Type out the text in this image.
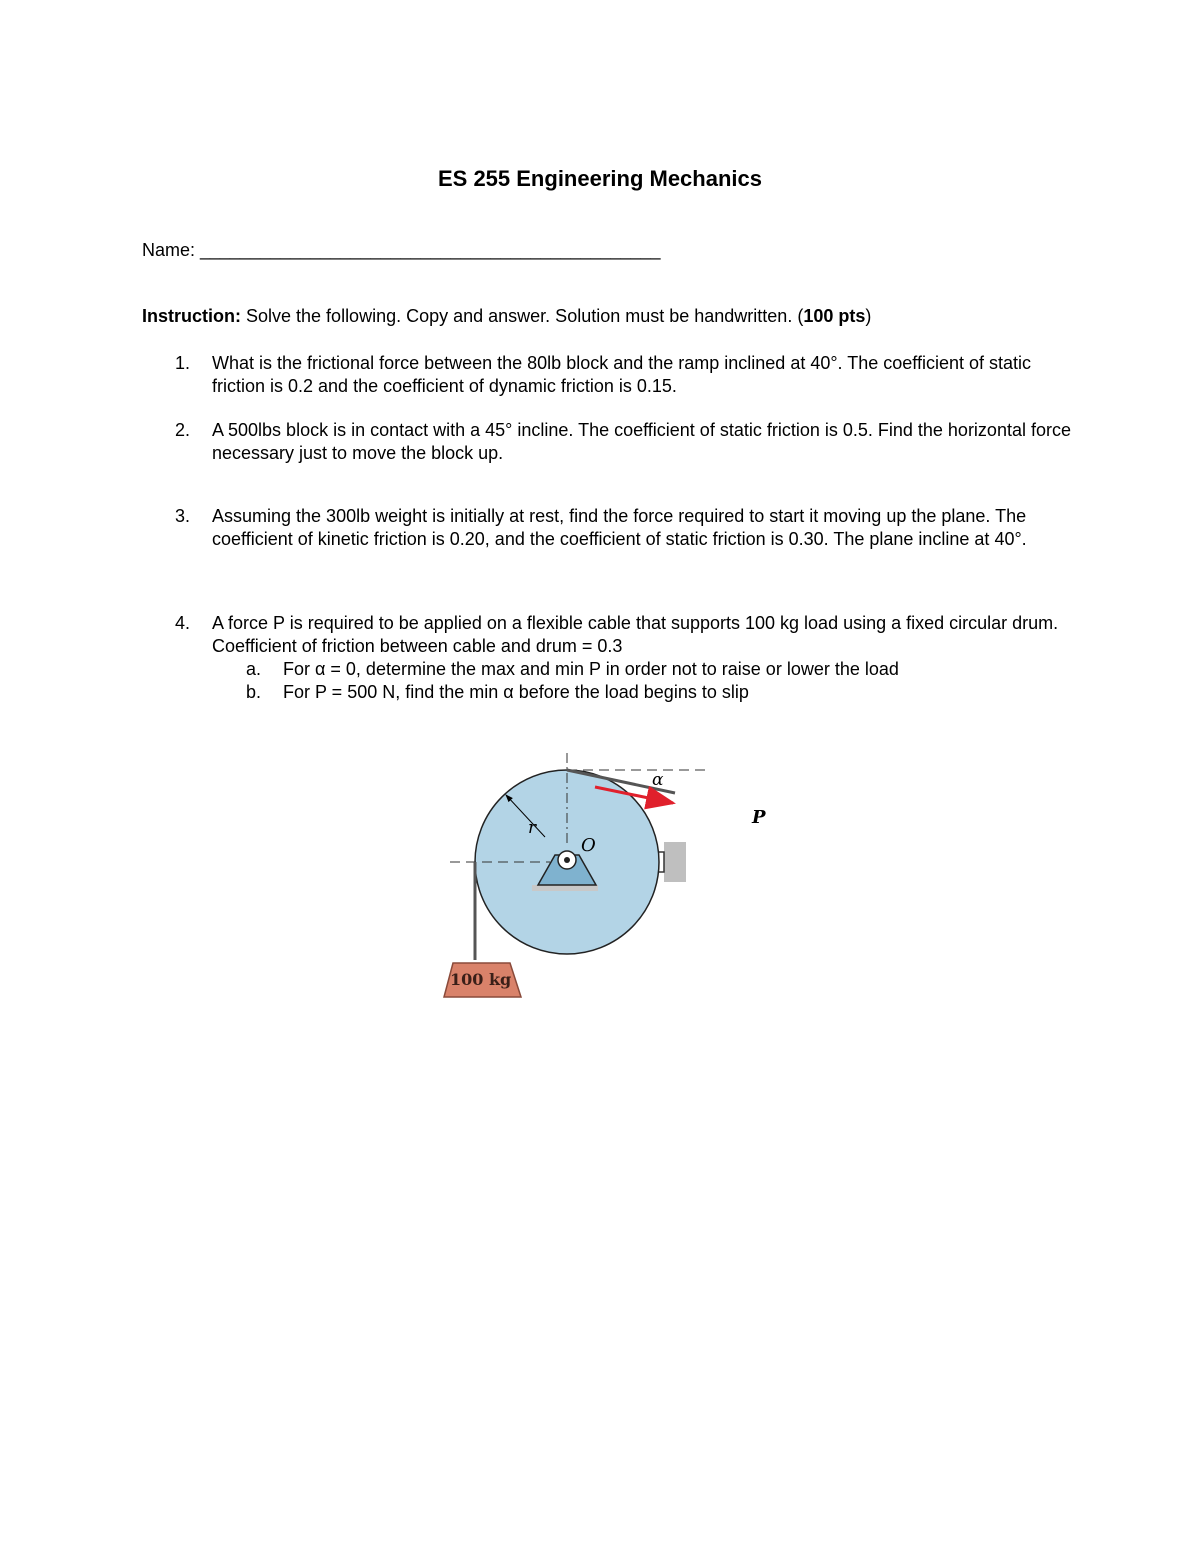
ES 255 Engineering Mechanics
Name: ______________________________________________
Instruction: Solve the following. Copy and answer. Solution must be handwritten. (100 pts)
1. What is the frictional force between the 80lb block and the ramp inclined at 40°. The coefficient of static friction is 0.2 and the coefficient of dynamic friction is 0.15.
2. A 500lbs block is in contact with a 45° incline. The coefficient of static friction is 0.5. Find the horizontal force necessary just to move the block up.
3. Assuming the 300lb weight is initially at rest, find the force required to start it moving up the plane. The coefficient of kinetic friction is 0.20, and the coefficient of static friction is 0.30. The plane incline at 40°.
4. A force P is required to be applied on a flexible cable that supports 100 kg load using a fixed circular drum. Coefficient of friction between cable and drum = 0.3
a. For α = 0, determine the max and min P in order not to raise or lower the load
b. For P = 500 N, find the min α before the load begins to slip
α
P
r
O
100 kg
